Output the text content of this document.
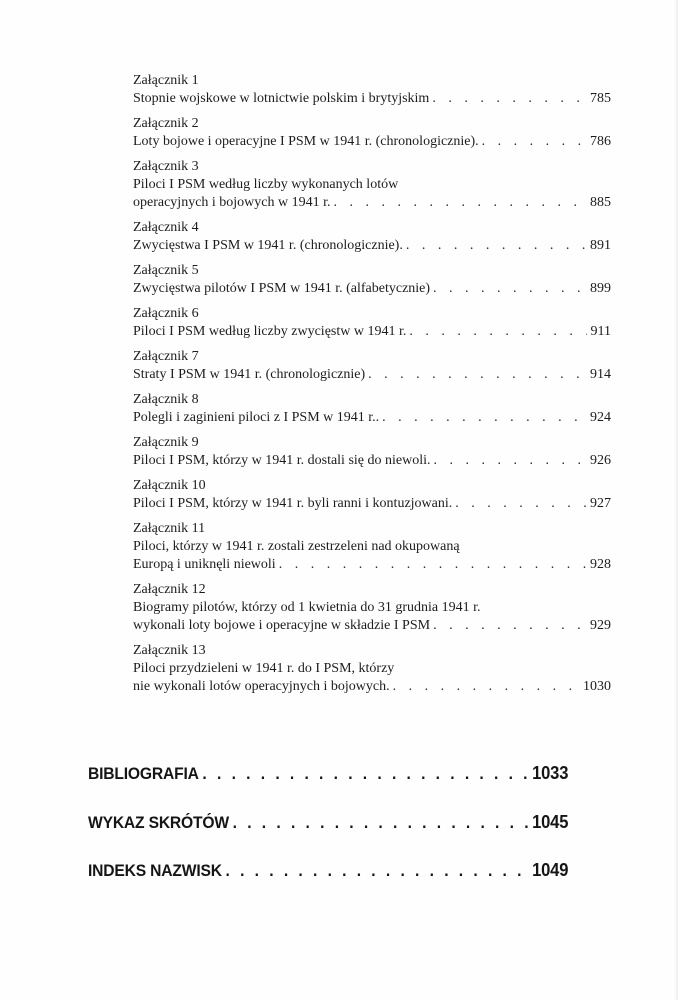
Załącznik 1
Stopnie wojskowe w lotnictwie polskim i brytyjskim . . .	785
Załącznik 2
Loty bojowe i operacyjne I PSM w 1941 r. (chronologicznie). . . .	786
Załącznik 3
Piloci I PSM według liczby wykonanych lotów
operacyjnych i bojowych w 1941 r. . . .	885
Załącznik 4
Zwycięstwa I PSM w 1941 r. (chronologicznie). . . .	891
Załącznik 5
Zwycięstwa pilotów I PSM w 1941 r. (alfabetycznie) . . .	899
Załącznik 6
Piloci I PSM według liczby zwycięstw w 1941 r. . . .	911
Załącznik 7
Straty I PSM w 1941 r. (chronologicznie) . . .	914
Załącznik 8
Polegli i zaginieni piloci z I PSM w 1941 r.. . . .	924
Załącznik 9
Piloci I PSM, którzy w 1941 r. dostali się do niewoli. . . .	926
Załącznik 10
Piloci I PSM, którzy w 1941 r. byli ranni i kontuzjowani. . . .	927
Załącznik 11
Piloci, którzy w 1941 r. zostali zestrzeleni nad okupowaną
Europą i uniknęli niewoli . . .	928
Załącznik 12
Biogramy pilotów, którzy od 1 kwietnia do 31 grudnia 1941 r.
wykonali loty bojowe i operacyjne w składzie I PSM . . .	929
Załącznik 13
Piloci przydzieleni w 1941 r. do I PSM, którzy
nie wykonali lotów operacyjnych i bojowych. . . .	1030
BIBLIOGRAFIA . . .	1033
WYKAZ SKRÓTÓW . . .	1045
INDEKS NAZWISK . . .	1049
